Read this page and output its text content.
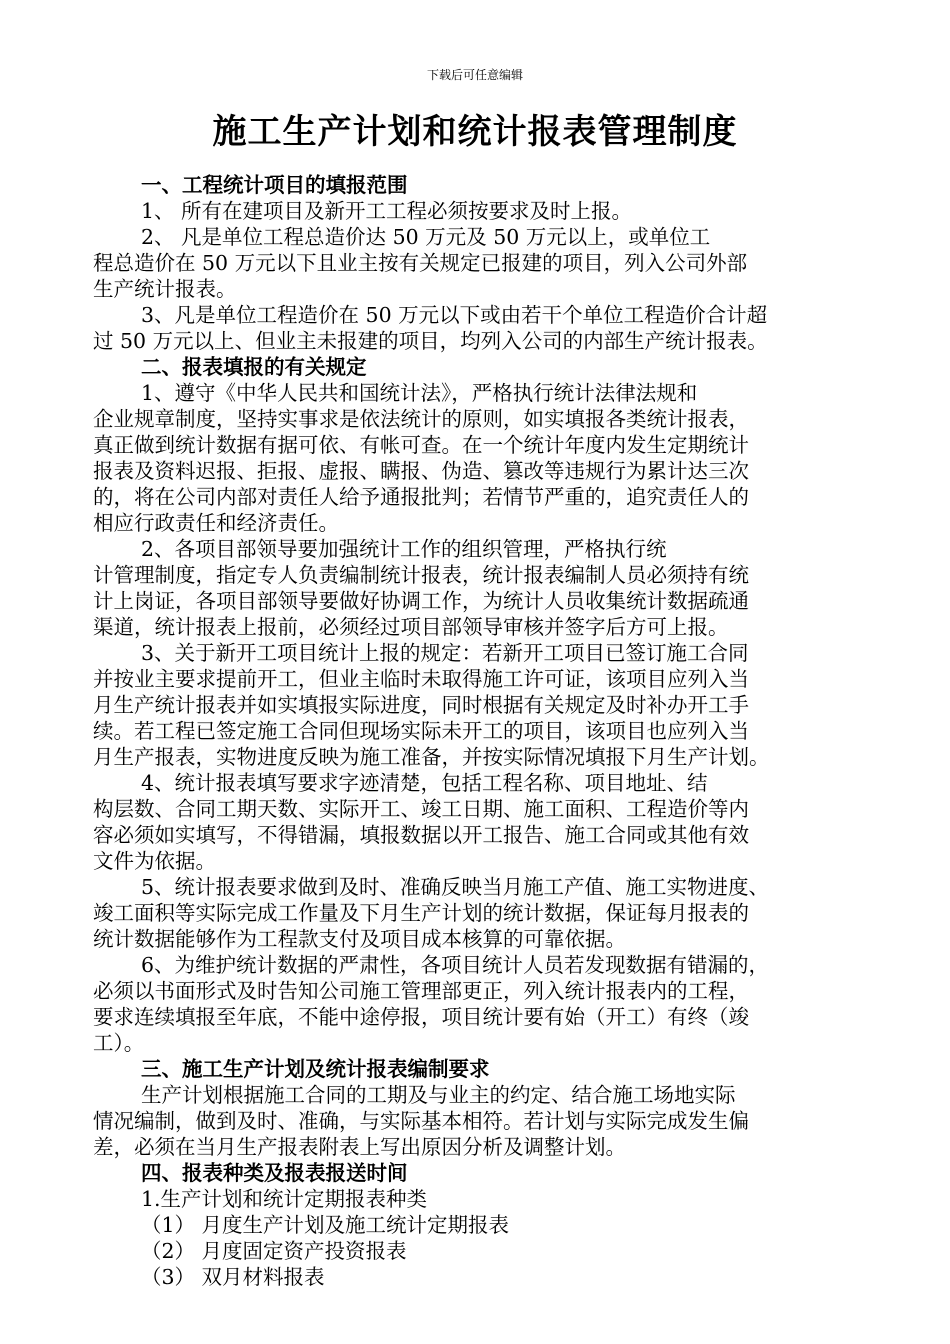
下载后可任意编辑
施工生产计划和统计报表管理制度
一、工程统计项目的填报范围
1、 所有在建项目及新开工工程必须按要求及时上报。
2、 凡是单位工程总造价达 50 万元及 50 万元以上，或单位工
程总造价在 50 万元以下且业主按有关规定已报建的项目，列入公司外部
生产统计报表。
3、凡是单位工程造价在 50 万元以下或由若干个单位工程造价合计超
过 50 万元以上、但业主未报建的项目，均列入公司的内部生产统计报表。
二、报表填报的有关规定
1、遵守《中华人民共和国统计法》，严格执行统计法律法规和
企业规章制度，坚持实事求是依法统计的原则，如实填报各类统计报表，
真正做到统计数据有据可依、有帐可查。在一个统计年度内发生定期统计
报表及资料迟报、拒报、虚报、瞒报、伪造、篡改等违规行为累计达三次
的，将在公司内部对责任人给予通报批判；若情节严重的，追究责任人的
相应行政责任和经济责任。
2、各项目部领导要加强统计工作的组织管理，严格执行统
计管理制度，指定专人负责编制统计报表，统计报表编制人员必须持有统
计上岗证，各项目部领导要做好协调工作，为统计人员收集统计数据疏通
渠道，统计报表上报前，必须经过项目部领导审核并签字后方可上报。
3、关于新开工项目统计上报的规定：若新开工项目已签订施工合同
并按业主要求提前开工，但业主临时未取得施工许可证，该项目应列入当
月生产统计报表并如实填报实际进度，同时根据有关规定及时补办开工手
续。若工程已签定施工合同但现场实际未开工的项目，该项目也应列入当
月生产报表，实物进度反映为施工准备，并按实际情况填报下月生产计划。
4、统计报表填写要求字迹清楚，包括工程名称、项目地址、结
构层数、合同工期天数、实际开工、竣工日期、施工面积、工程造价等内
容必须如实填写，不得错漏，填报数据以开工报告、施工合同或其他有效
文件为依据。
5、统计报表要求做到及时、准确反映当月施工产值、施工实物进度、
竣工面积等实际完成工作量及下月生产计划的统计数据，保证每月报表的
统计数据能够作为工程款支付及项目成本核算的可靠依据。
6、为维护统计数据的严肃性，各项目统计人员若发现数据有错漏的，
必须以书面形式及时告知公司施工管理部更正，列入统计报表内的工程，
要求连续填报至年底，不能中途停报，项目统计要有始（开工）有终（竣
工）。
三、施工生产计划及统计报表编制要求
生产计划根据施工合同的工期及与业主的约定、结合施工场地实际
情况编制，做到及时、准确，与实际基本相符。若计划与实际完成发生偏
差，必须在当月生产报表附表上写出原因分析及调整计划。
四、报表种类及报表报送时间
1.生产计划和统计定期报表种类
（1） 月度生产计划及施工统计定期报表
（2） 月度固定资产投资报表
（3） 双月材料报表
